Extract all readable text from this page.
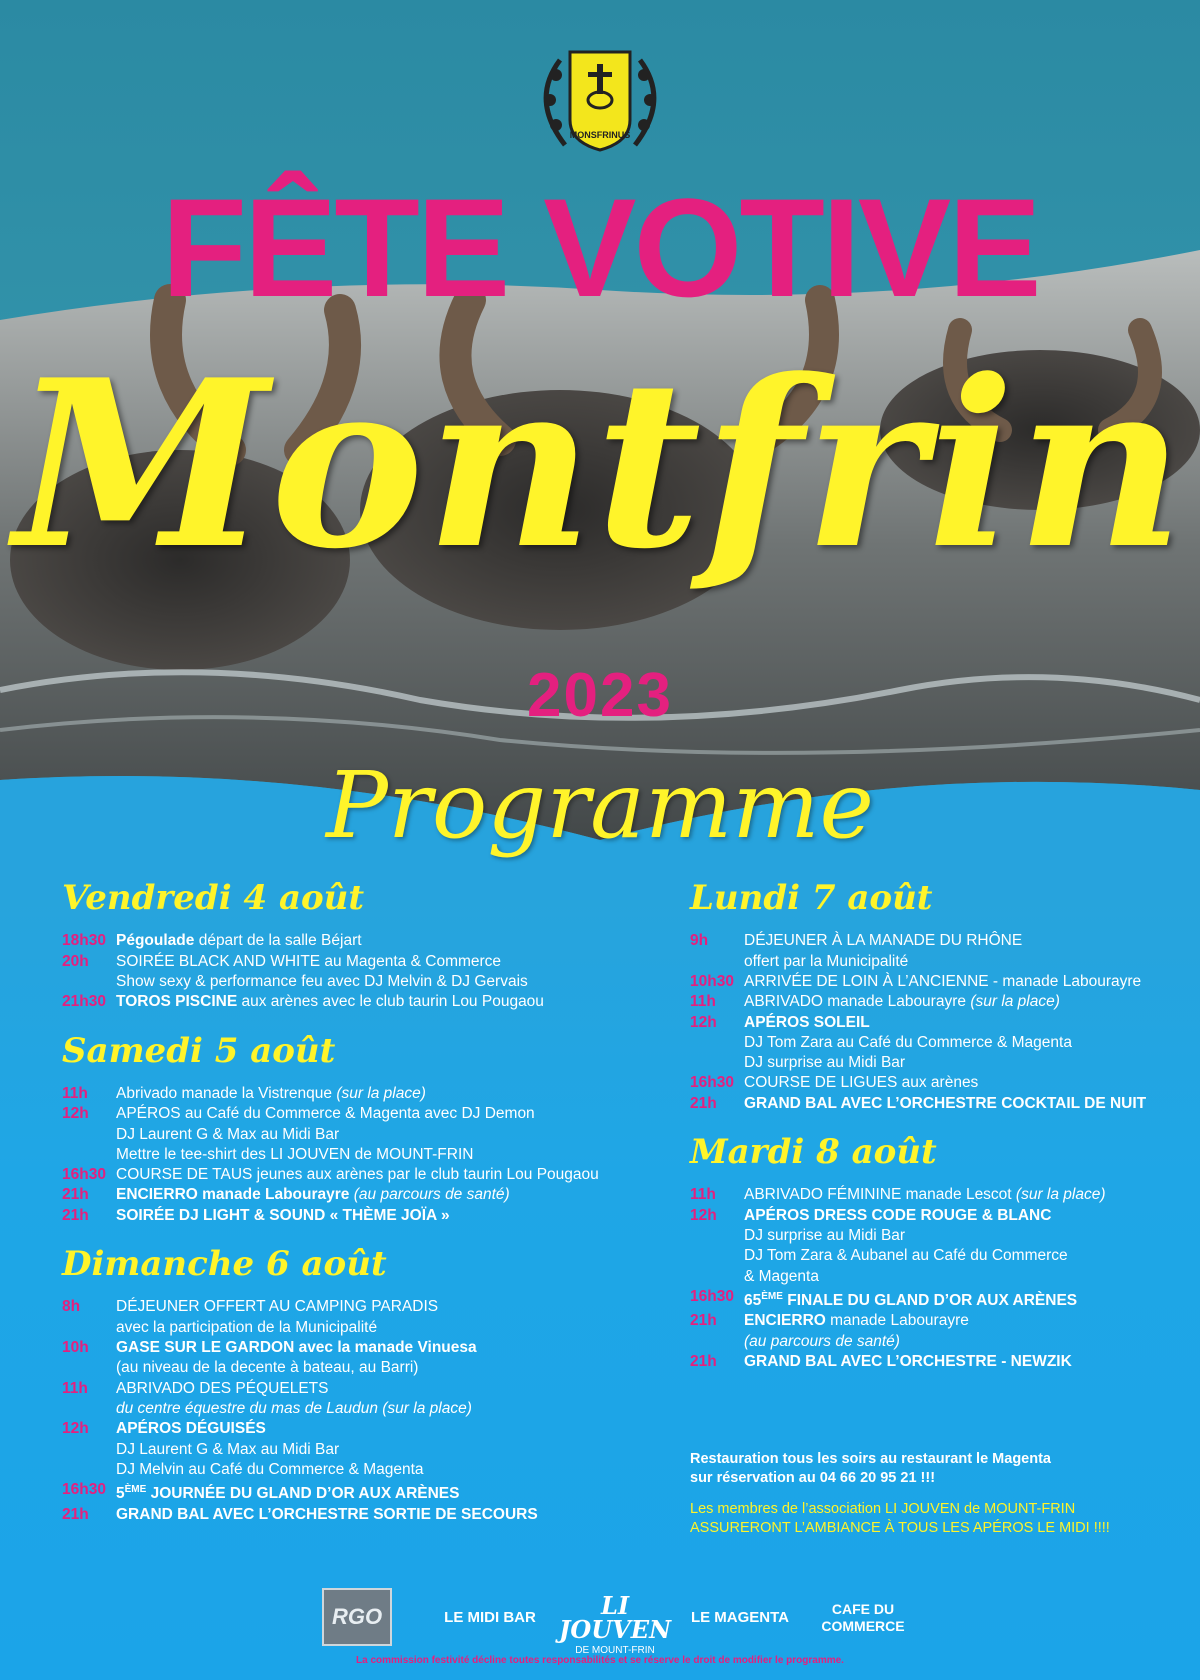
MONSFRINUS
FÊTE VOTIVE
Montfrin
2023
Programme
Vendredi 4 août
18h30 Pégoulade départ de la salle Béjart
20h	SOIRÉE BLACK AND WHITE au Magenta & Commerce
Show sexy & performance feu avec DJ Melvin & DJ Gervais
21h30 TOROS PISCINE aux arènes avec le club taurin Lou Pougaou
Samedi 5 août
11h	Abrivado manade la Vistrenque (sur la place)
12h	APÉROS au Café du Commerce & Magenta avec DJ Demon
DJ Laurent G & Max au Midi Bar
Mettre le tee-shirt des LI JOUVEN de MOUNT-FRIN
16h30 COURSE DE TAUS jeunes aux arènes par le club taurin Lou Pougaou
21h	ENCIERRO manade Labourayre (au parcours de santé)
21h	SOIRÉE DJ LIGHT & SOUND « THÈME JOÏA »
Dimanche 6 août
8h	DÉJEUNER OFFERT AU CAMPING PARADIS
avec la participation de la Municipalité
10h	GASE SUR LE GARDON avec la manade Vinuesa
(au niveau de la decente à bateau, au Barri)
11h	ABRIVADO DES PÉQUELETS
du centre équestre du mas de Laudun (sur la place)
12h	APÉROS DÉGUISÉS
DJ Laurent G & Max au Midi Bar
DJ Melvin au Café du Commerce & Magenta
16h30 5ÈME JOURNÉE DU GLAND D’OR AUX ARÈNES
21h	GRAND BAL AVEC L’ORCHESTRE SORTIE DE SECOURS
Lundi 7 août
9h	DÉJEUNER À LA MANADE DU RHÔNE
offert par la Municipalité
10h30 ARRIVÉE DE LOIN À L’ANCIENNE - manade Labourayre
11h	ABRIVADO manade Labourayre (sur la place)
12h	APÉROS SOLEIL
DJ Tom Zara au Café du Commerce & Magenta
DJ surprise au Midi Bar
16h30 COURSE DE LIGUES aux arènes
21h	GRAND BAL AVEC L’ORCHESTRE COCKTAIL DE NUIT
Mardi 8 août
11h	ABRIVADO FÉMININE manade Lescot (sur la place)
12h	APÉROS DRESS CODE ROUGE & BLANC
DJ surprise au Midi Bar
DJ Tom Zara & Aubanel au Café du Commerce
& Magenta
16h30 65ÈME FINALE DU GLAND D’OR AUX ARÈNES
21h	ENCIERRO manade Labourayre
(au parcours de santé)
21h	GRAND BAL AVEC L’ORCHESTRE - NEWZIK

Restauration tous les soirs au restaurant le Magenta
sur réservation au 04 66 20 95 21 !!!

Les membres de l’association LI JOUVEN de MOUNT-FRIN
ASSURERONT L’AMBIANCE À TOUS LES APÉROS LE MIDI !!!!

RGO	LE MIDI BAR	LI JOUVEN
DE MOUNT-FRIN
LE MAGENTA	CAFE DU
COMMERCE
La commission festivité décline toutes responsabilités et se réserve le droit de modifier le programme.
